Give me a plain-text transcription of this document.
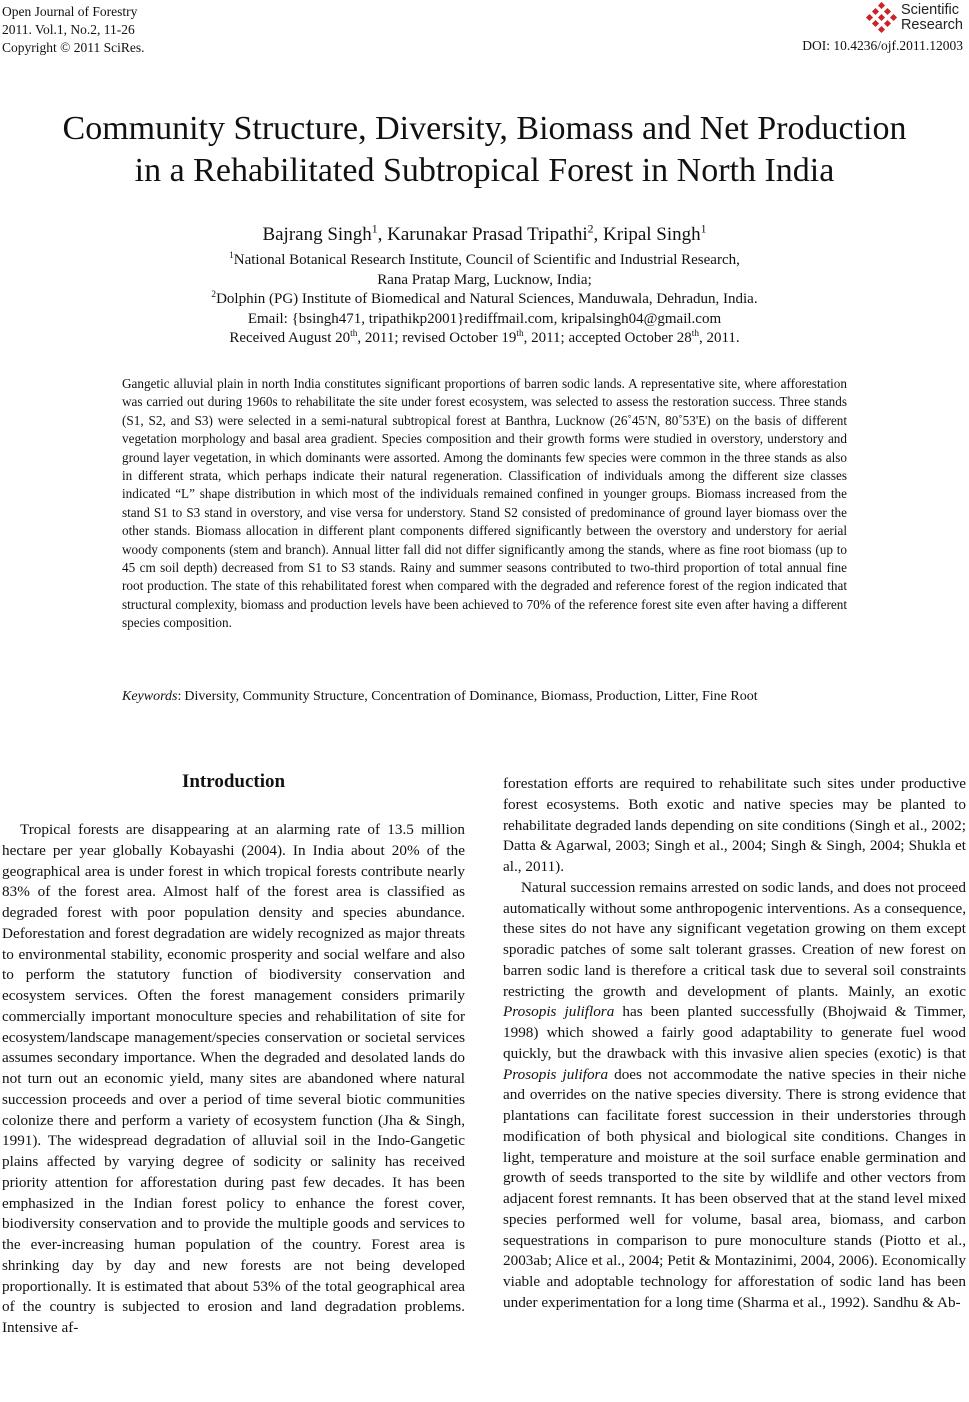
Open Journal of Forestry
2011. Vol.1, No.2, 11-26
Copyright © 2011 SciRes.
Scientific
Research
DOI: 10.4236/ojf.2011.12003
Community Structure, Diversity, Biomass and Net Production
in a Rehabilitated Subtropical Forest in North India
Bajrang Singh$^1$, Karunakar Prasad Tripathi$^2$, Kripal Singh$^1$
$^1$National Botanical Research Institute, Council of Scientific and Industrial Research,
Rana Pratap Marg, Lucknow, India;
$^2$Dolphin (PG) Institute of Biomedical and Natural Sciences, Manduwala, Dehradun, India.
Email: {bsingh471, tripathikp2001}rediffmail.com, kripalsingh04@gmail.com
Received August 20th, 2011; revised October 19th, 2011; accepted October 28th, 2011.
Gangetic alluvial plain in north India constitutes significant proportions of barren sodic lands. A representative site, where afforestation was carried out during 1960s to rehabilitate the site under forest ecosystem, was selected to assess the restoration success. Three stands (S1, S2, and S3) were selected in a semi-natural subtropical forest at Banthra, Lucknow (26˚45'N, 80˚53'E) on the basis of different vegetation morphology and basal area gradient. Species composition and their growth forms were studied in overstory, understory and ground layer vegetation, in which dominants were assorted. Among the dominants few species were common in the three stands as also in different strata, which perhaps indicate their natural regeneration. Classification of individuals among the different size classes indicated “L” shape distribution in which most of the individuals remained confined in younger groups. Biomass increased from the stand S1 to S3 stand in overstory, and vise versa for understory. Stand S2 consisted of predominance of ground layer biomass over the other stands. Biomass allocation in different plant components differed significantly between the overstory and understory for aerial woody components (stem and branch). Annual litter fall did not differ significantly among the stands, where as fine root biomass (up to 45 cm soil depth) decreased from S1 to S3 stands. Rainy and summer seasons contributed to two-third proportion of total annual fine root production. The state of this rehabilitated forest when compared with the degraded and reference forest of the region indicated that structural complexity, biomass and production levels have been achieved to 70% of the reference forest site even after having a different species composition.
Keywords : Diversity, Community Structure, Concentration of Dominance, Biomass, Production, Litter, Fine Root
Introduction

Tropical forests are disappearing at an alarming rate of 13.5 million hectare per year globally Kobayashi (2004). In India about 20% of the geographical area is under forest in which tropical forests contribute nearly 83% of the forest area. Almost half of the forest area is classified as degraded forest with poor population density and species abundance. Deforestation and forest degradation are widely recognized as major threats to environmental stability, economic prosperity and social welfare and also to perform the statutory function of biodiversity conservation and ecosystem services. Often the forest management considers primarily commercially important monoculture species and rehabilitation of site for ecosystem/landscape management/species conservation or societal services assumes secondary importance. When the degraded and desolated lands do not turn out an economic yield, many sites are abandoned where natural succession proceeds and over a period of time several biotic communities colonize there and perform a variety of ecosystem function (Jha & Singh, 1991). The widespread degradation of alluvial soil in the Indo-Gangetic plains affected by varying degree of sodicity or salinity has received priority attention for afforestation during past few decades. It has been emphasized in the Indian forest policy to enhance the forest cover, biodiversity conservation and to provide the multiple goods and services to the ever-increasing human population of the country. Forest area is shrinking day by day and new forests are not being developed proportionally. It is estimated that about 53% of the total geographical area of the country is subjected to erosion and land degradation problems. Intensive af-

forestation efforts are required to rehabilitate such sites under productive forest ecosystems. Both exotic and native species may be planted to rehabilitate degraded lands depending on site conditions (Singh et al., 2002; Datta & Agarwal, 2003; Singh et al., 2004; Singh & Singh, 2004; Shukla et al., 2011).

Natural succession remains arrested on sodic lands, and does not proceed automatically without some anthropogenic interventions. As a consequence, these sites do not have any significant vegetation growing on them except sporadic patches of some salt tolerant grasses. Creation of new forest on barren sodic land is therefore a critical task due to several soil constraints restricting the growth and development of plants. Mainly, an exotic Prosopis juliflora has been planted successfully (Bhojwaid & Timmer, 1998) which showed a fairly good adaptability to generate fuel wood quickly, but the drawback with this invasive alien species (exotic) is that Prosopis julifora does not accommodate the native species in their niche and overrides on the native species diversity. There is strong evidence that plantations can facilitate forest succession in their understories through modification of both physical and biological site conditions. Changes in light, temperature and moisture at the soil surface enable germination and growth of seeds transported to the site by wildlife and other vectors from adjacent forest remnants. It has been observed that at the stand level mixed species performed well for volume, basal area, biomass, and carbon sequestrations in comparison to pure monoculture stands (Piotto et al., 2003ab; Alice et al., 2004; Petit & Montazinimi, 2004, 2006). Economically viable and adoptable technology for afforestation of sodic land has been under experimentation for a long time (Sharma et al., 1992). Sandhu & Ab-
